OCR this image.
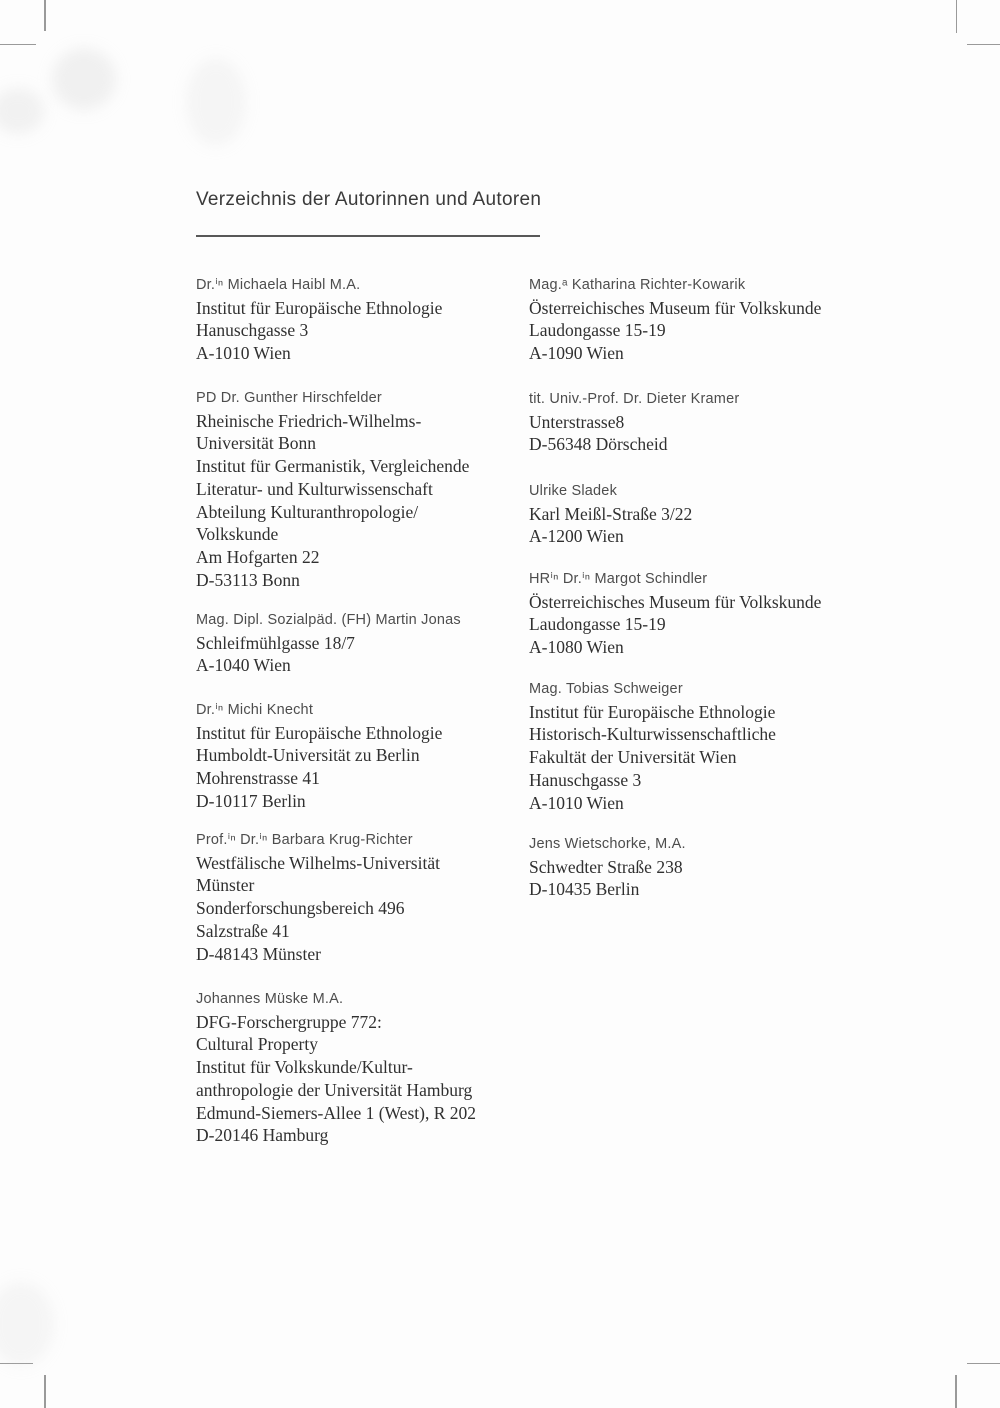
Verzeichnis der Autorinnen und Autoren
Dr.ⁱⁿ Michaela Haibl M.A.
Institut für Europäische Ethnologie
Hanuschgasse 3
A-1010 Wien
PD Dr. Gunther Hirschfelder
Rheinische Friedrich-Wilhelms-
Universität Bonn
Institut für Germanistik, Vergleichende
Literatur- und Kulturwissenschaft
Abteilung Kulturanthropologie/
Volkskunde
Am Hofgarten 22
D-53113 Bonn
Mag. Dipl. Sozialpäd. (FH) Martin Jonas
Schleifmühlgasse 18/7
A-1040 Wien
Dr.ⁱⁿ Michi Knecht
Institut für Europäische Ethnologie
Humboldt-Universität zu Berlin
Mohrenstrasse 41
D-10117 Berlin
Prof.ⁱⁿ Dr.ⁱⁿ Barbara Krug-Richter
Westfälische Wilhelms-Universität
Münster
Sonderforschungsbereich 496
Salzstraße 41
D-48143 Münster
Johannes Müske M.A.
DFG-Forschergruppe 772:
Cultural Property
Institut für Volkskunde/Kultur-
anthropologie der Universität Hamburg
Edmund-Siemers-Allee 1 (West), R 202
D-20146 Hamburg
Mag.ᵃ Katharina Richter-Kowarik
Österreichisches Museum für Volkskunde
Laudongasse 15-19
A-1090 Wien
tit. Univ.-Prof. Dr. Dieter Kramer
Unterstrasse8
D-56348 Dörscheid
Ulrike Sladek
Karl Meißl-Straße 3/22
A-1200 Wien
HRⁱⁿ Dr.ⁱⁿ Margot Schindler
Österreichisches Museum für Volkskunde
Laudongasse 15-19
A-1080 Wien
Mag. Tobias Schweiger
Institut für Europäische Ethnologie
Historisch-Kulturwissenschaftliche
Fakultät der Universität Wien
Hanuschgasse 3
A-1010 Wien
Jens Wietschorke, M.A.
Schwedter Straße 238
D-10435 Berlin
